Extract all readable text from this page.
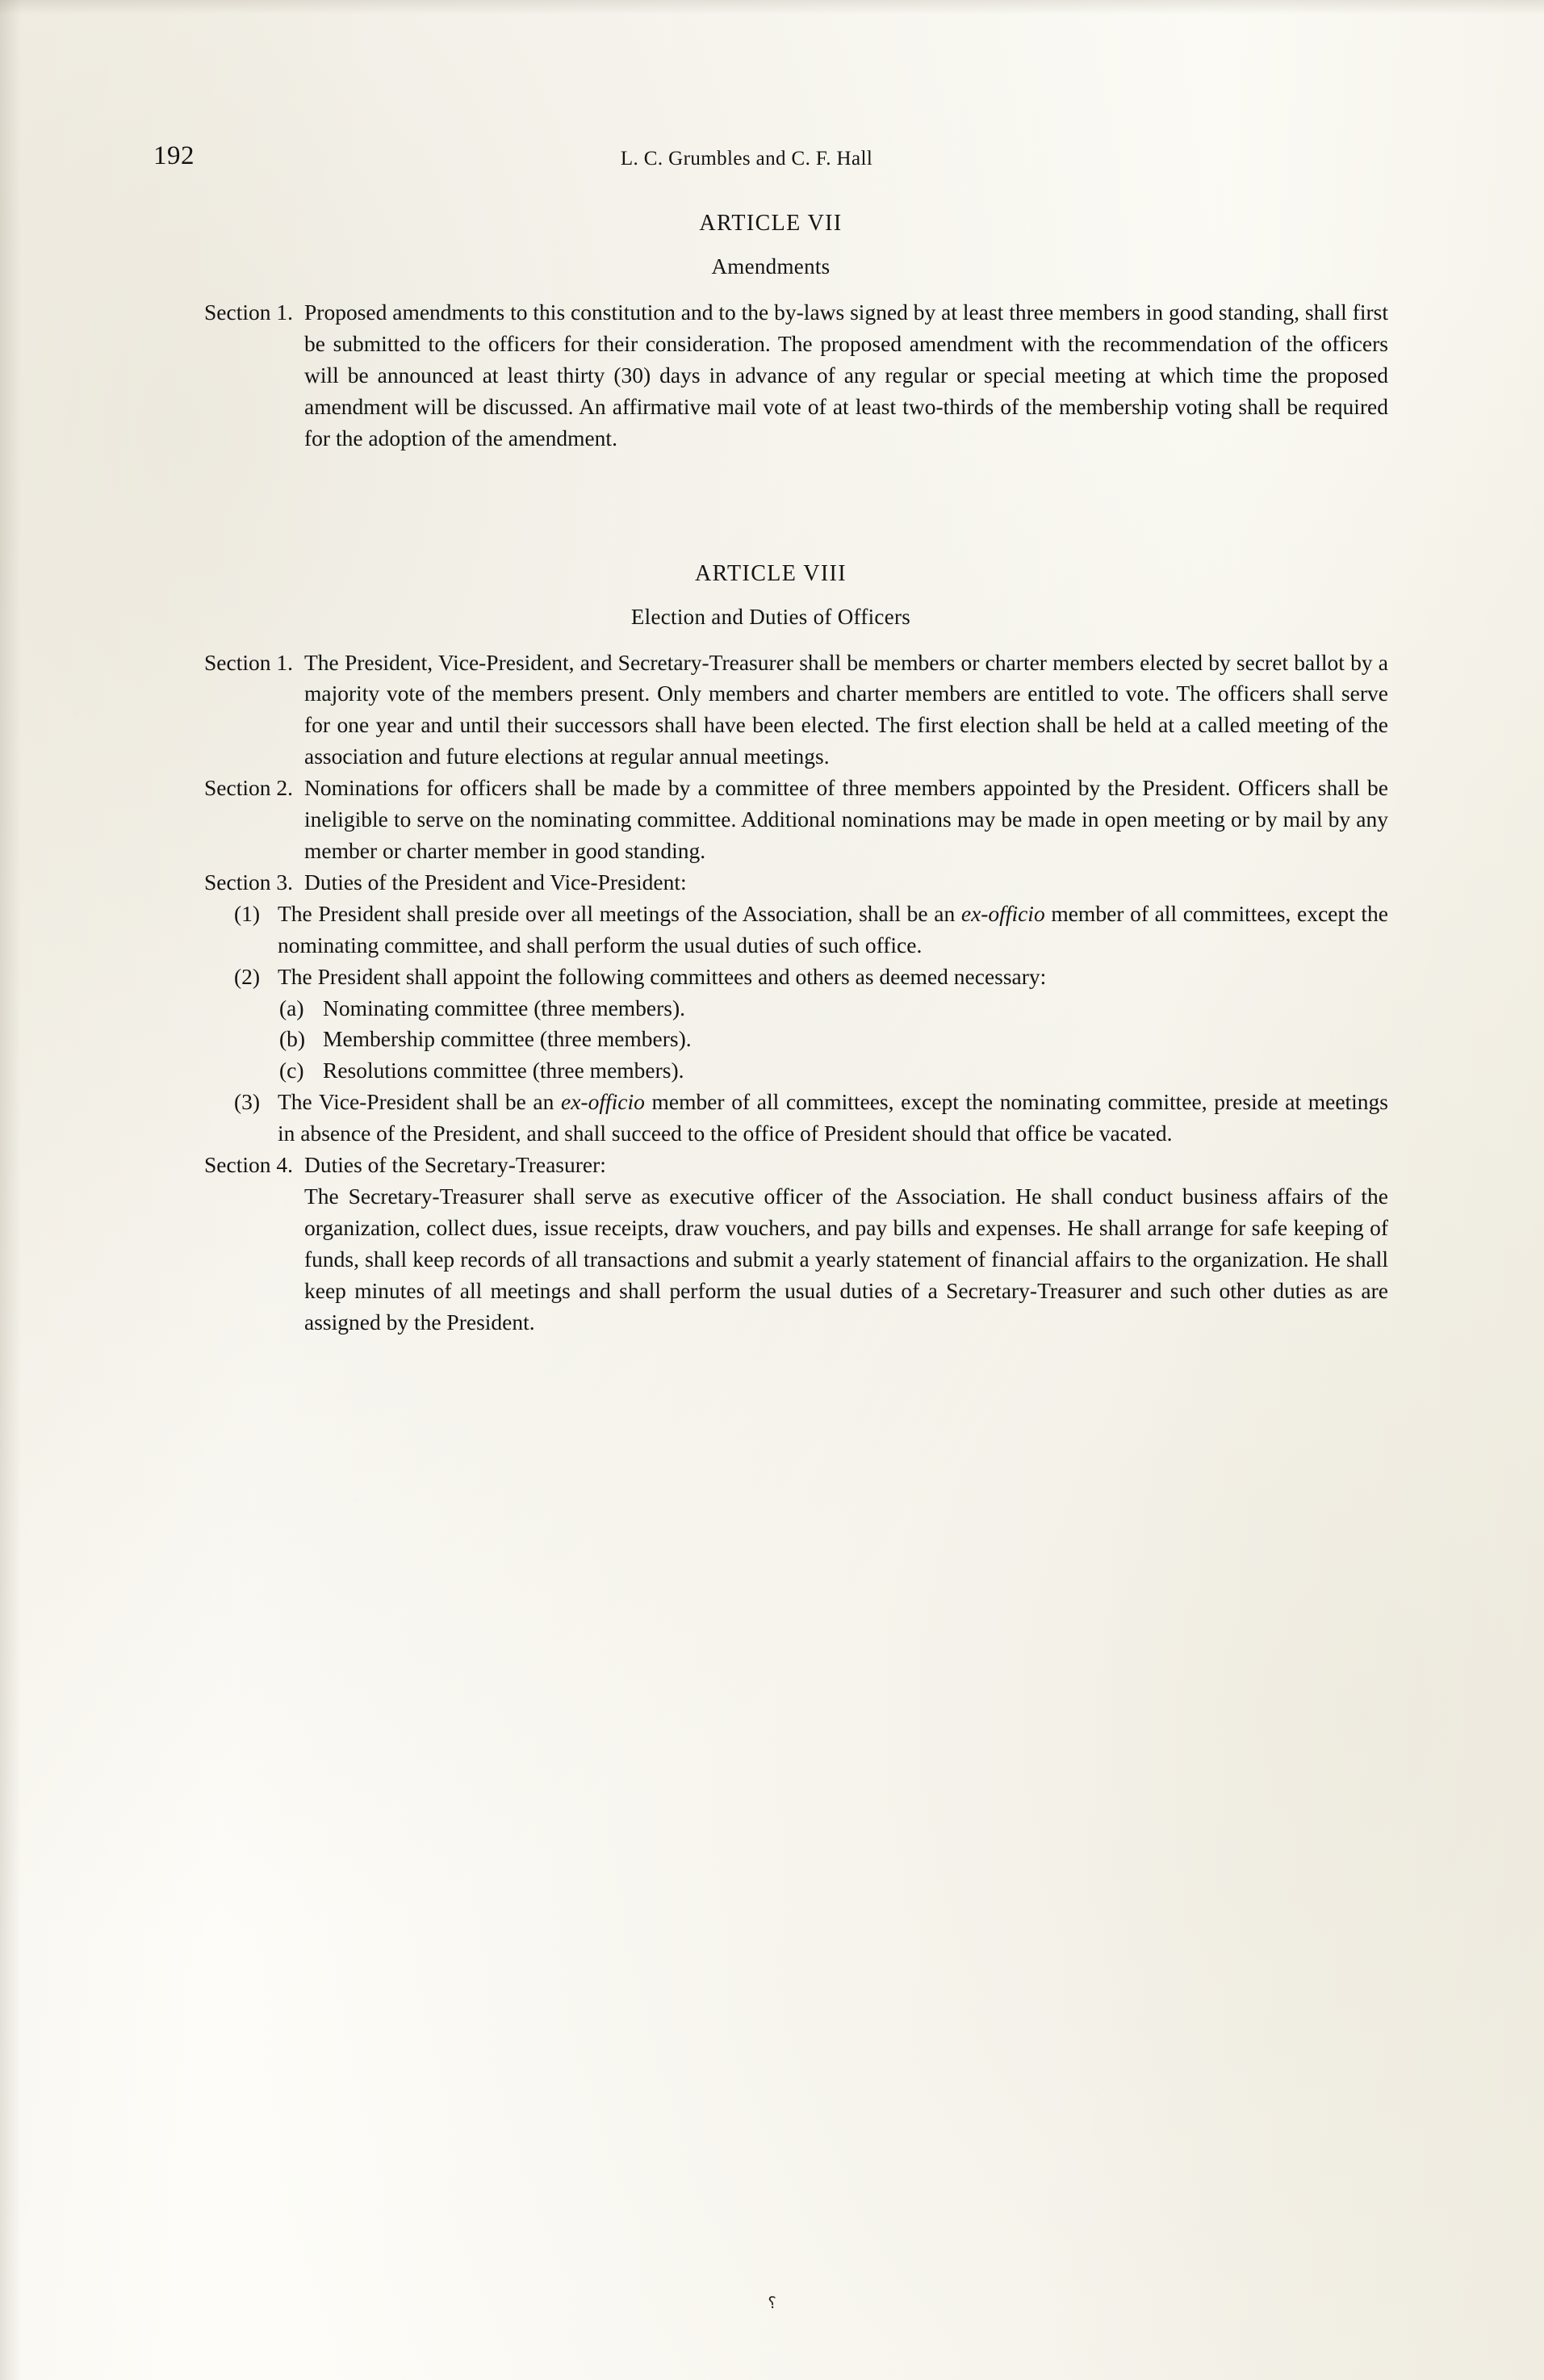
192	L. C. Grumbles and C. F. Hall
ARTICLE VII
Amendments
Section 1. Proposed amendments to this constitution and to the by-laws signed by at least three members in good standing, shall first be submitted to the officers for their consideration. The proposed amendment with the recommendation of the officers will be announced at least thirty (30) days in advance of any regular or special meeting at which time the proposed amendment will be discussed. An affirmative mail vote of at least two-thirds of the membership voting shall be required for the adoption of the amendment.
ARTICLE VIII
Election and Duties of Officers
Section 1. The President, Vice-President, and Secretary-Treasurer shall be members or charter members elected by secret ballot by a majority vote of the members present. Only members and charter members are entitled to vote. The officers shall serve for one year and until their successors shall have been elected. The first election shall be held at a called meeting of the association and future elections at regular annual meetings.
Section 2. Nominations for officers shall be made by a committee of three members appointed by the President. Officers shall be ineligible to serve on the nominating committee. Additional nominations may be made in open meeting or by mail by any member or charter member in good standing.
Section 3. Duties of the President and Vice-President:
(1) The President shall preside over all meetings of the Association, shall be an ex-officio member of all committees, except the nominating committee, and shall perform the usual duties of such office.
(2) The President shall appoint the following committees and others as deemed necessary:
(a) Nominating committee (three members).
(b) Membership committee (three members).
(c) Resolutions committee (three members).
(3) The Vice-President shall be an ex-officio member of all committees, except the nominating committee, preside at meetings in absence of the President, and shall succeed to the office of President should that office be vacated.
Section 4. Duties of the Secretary-Treasurer:
The Secretary-Treasurer shall serve as executive officer of the Association. He shall conduct business affairs of the organization, collect dues, issue receipts, draw vouchers, and pay bills and expenses. He shall arrange for safe keeping of funds, shall keep records of all transactions and submit a yearly statement of financial affairs to the organization. He shall keep minutes of all meetings and shall perform the usual duties of a Secretary-Treasurer and such other duties as are assigned by the President.
⸮
